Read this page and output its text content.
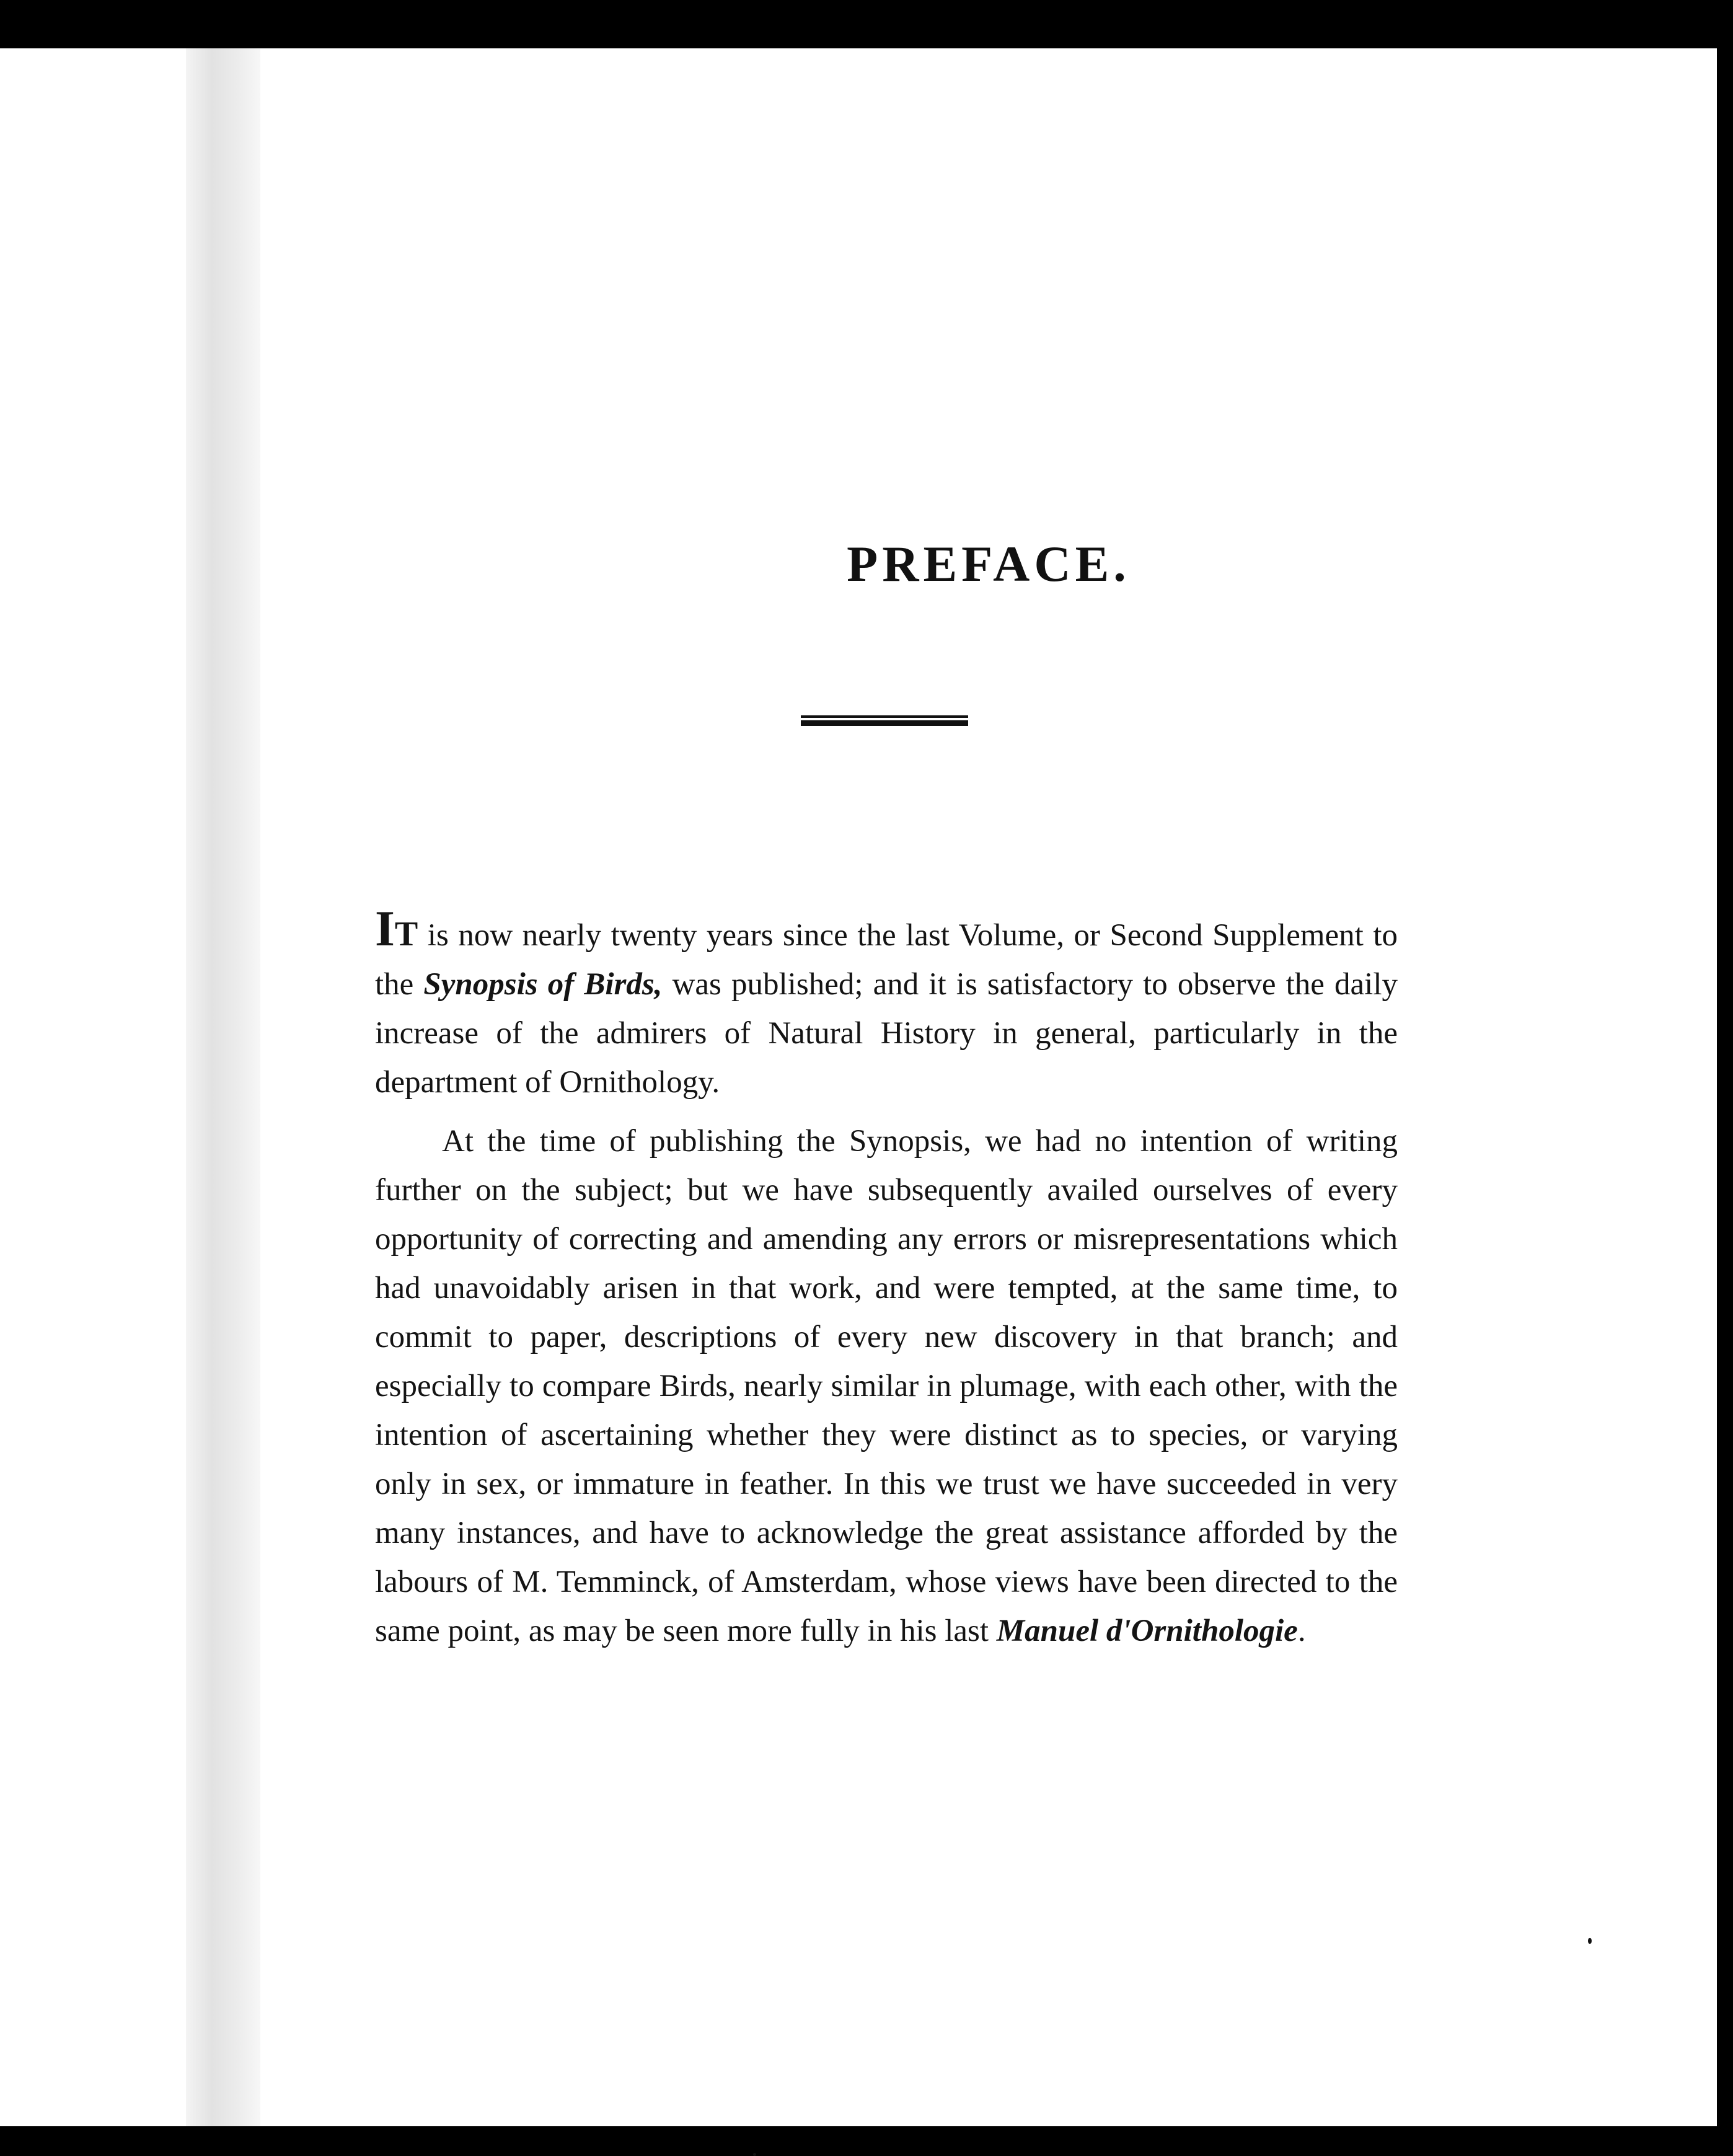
PREFACE.

IT is now nearly twenty years since the last Volume, or Second Supplement to the Synopsis of Birds, was published; and it is satisfactory to observe the daily increase of the admirers of Natural History in general, particularly in the department of Ornithology.

At the time of publishing the Synopsis, we had no intention of writing further on the subject; but we have subsequently availed ourselves of every opportunity of correcting and amending any errors or misrepresentations which had unavoidably arisen in that work, and were tempted, at the same time, to commit to paper, descriptions of every new discovery in that branch; and especially to compare Birds, nearly similar in plumage, with each other, with the intention of ascertaining whether they were distinct as to species, or varying only in sex, or immature in feather. In this we trust we have succeeded in very many instances, and have to acknowledge the great assistance afforded by the labours of M. Temminck, of Amsterdam, whose views have been directed to the same point, as may be seen more fully in his last Manuel d'Ornithologie.
